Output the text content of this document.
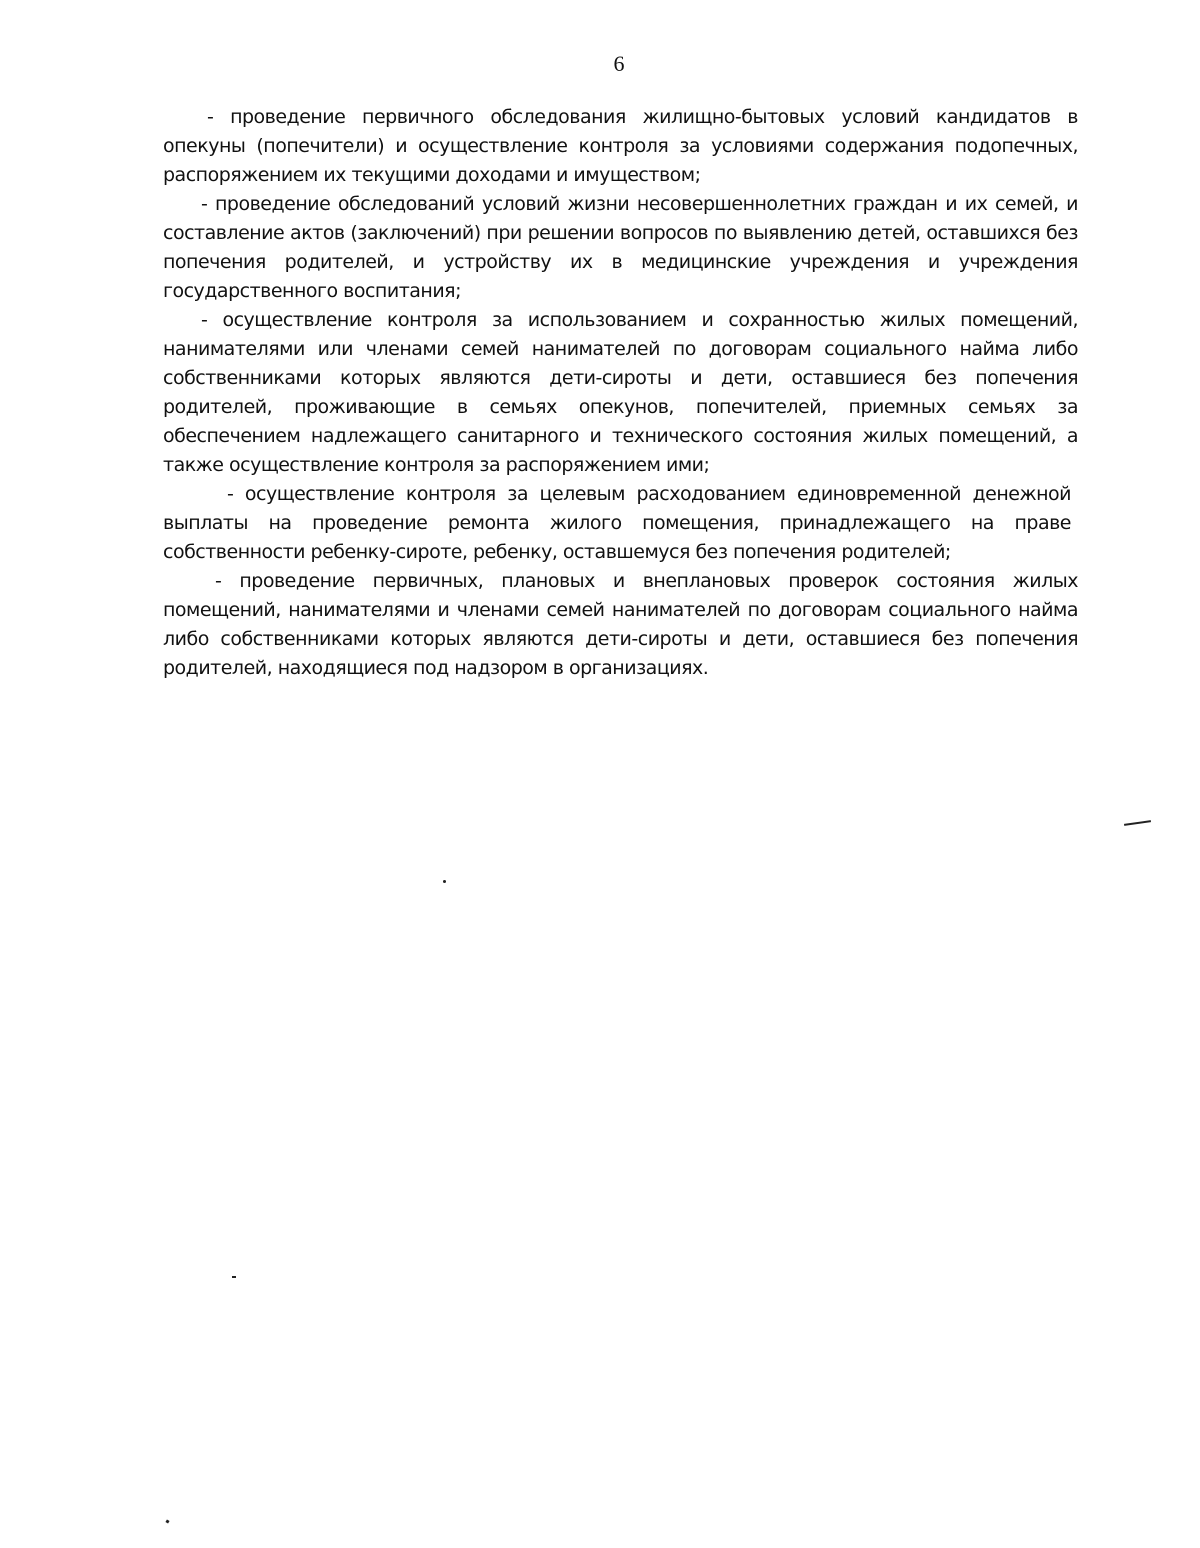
6

- проведение первичного обследования жилищно-бытовых условий кандидатов в опекуны (попечители) и осуществление контроля за условиями содержания подопечных, распоряжением их текущими доходами и имуществом;

- проведение обследований условий жизни несовершеннолетних граждан и их семей, и составление актов (заключений) при решении вопросов по выявлению детей, оставшихся без попечения родителей, и устройству их в медицинские учреждения и учреждения государственного воспитания;

- осуществление контроля за использованием и сохранностью жилых помещений, нанимателями или членами семей нанимателей по договорам социального найма либо собственниками которых являются дети-сироты и дети, оставшиеся без попечения родителей, проживающие в семьях опекунов, попечителей, приемных семьях за обеспечением надлежащего санитарного и технического состояния жилых помещений, а также осуществление контроля за распоряжением ими;

- осуществление контроля за целевым расходованием единовременной денежной выплаты на проведение ремонта жилого помещения, принадлежащего на праве собственности ребенку-сироте, ребенку, оставшемуся без попечения родителей;

- проведение первичных, плановых и внеплановых проверок состояния жилых помещений, нанимателями и членами семей нанимателей по договорам социального найма либо собственниками которых являются дети-сироты и дети, оставшиеся без попечения родителей, находящиеся под надзором в организациях.
